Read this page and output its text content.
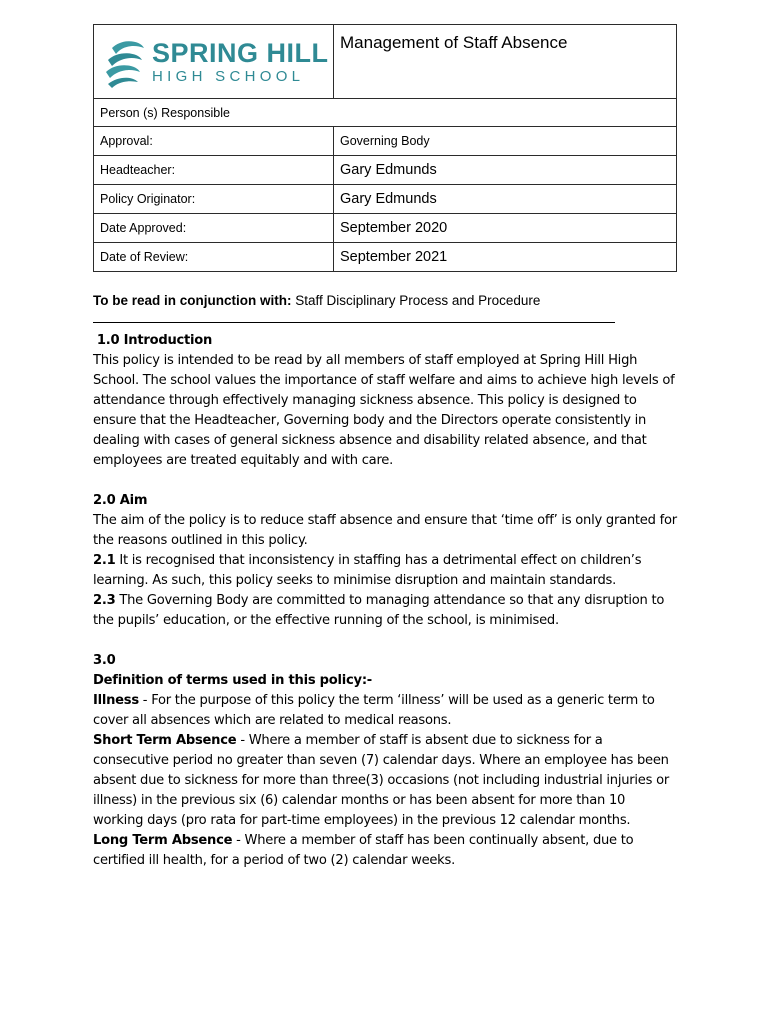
SPRING HILL
HIGH SCHOOL	Management of Staff Absence
Person (s) Responsible	
Approval:	Governing Body
Headteacher:	Gary Edmunds
Policy Originator:	Gary Edmunds
Date Approved:	September 2020
Date of Review:	September 2021
To be read in conjunction with: Staff Disciplinary Process and Procedure

1.0 Introduction

This policy is intended to be read by all members of staff employed at Spring Hill High School. The school values the importance of staff welfare and aims to achieve high levels of attendance through effectively managing sickness absence. This policy is designed to ensure that the Headteacher, Governing body and the Directors operate consistently in dealing with cases of general sickness absence and disability related absence, and that employees are treated equitably and with care.

2.0 Aim

The aim of the policy is to reduce staff absence and ensure that ‘time off’ is only granted for the reasons outlined in this policy.

2.1 It is recognised that inconsistency in staffing has a detrimental effect on children’s learning. As such, this policy seeks to minimise disruption and maintain standards.

2.3 The Governing Body are committed to managing attendance so that any disruption to the pupils’ education, or the effective running of the school, is minimised.

3.0

Definition of terms used in this policy:-

Illness - For the purpose of this policy the term ‘illness’ will be used as a generic term to cover all absences which are related to medical reasons.

Short Term Absence - Where a member of staff is absent due to sickness for a consecutive period no greater than seven (7) calendar days. Where an employee has been absent due to sickness for more than three(3) occasions (not including industrial injuries or illness) in the previous six (6) calendar months or has been absent for more than 10 working days (pro rata for part-time employees) in the previous 12 calendar months.

Long Term Absence - Where a member of staff has been continually absent, due to certified ill health, for a period of two (2) calendar weeks.
